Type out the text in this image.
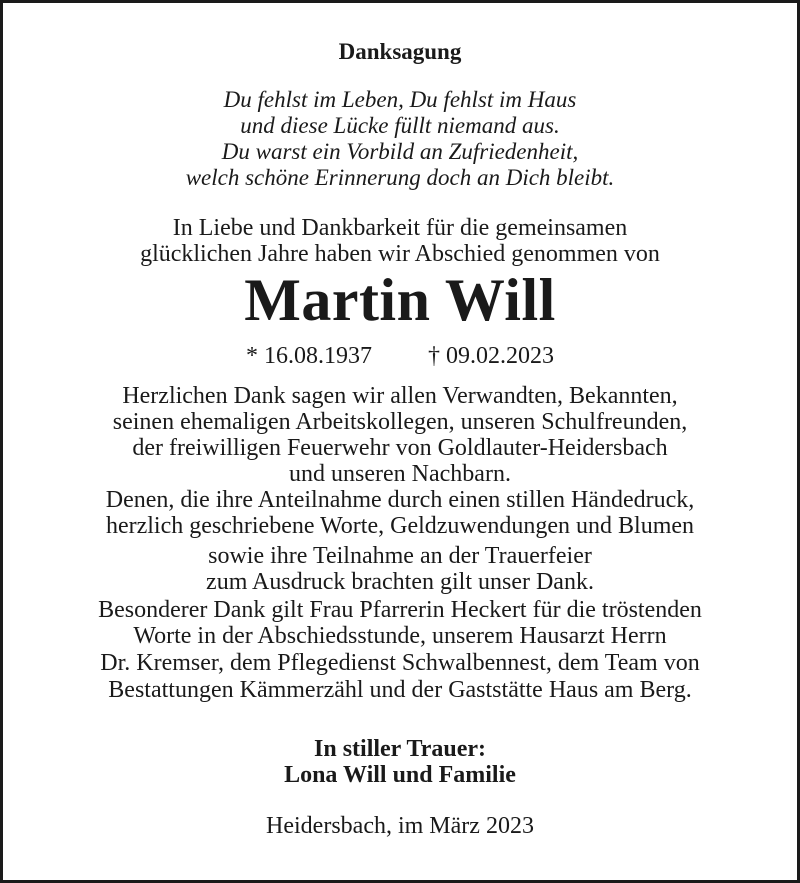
Danksagung
Du fehlst im Leben, Du fehlst im Haus
und diese Lücke füllt niemand aus.
Du warst ein Vorbild an Zufriedenheit,
welch schöne Erinnerung doch an Dich bleibt.
In Liebe und Dankbarkeit für die gemeinsamen
glücklichen Jahre haben wir Abschied genommen von
Martin Will
* 16.08.1937 † 09.02.2023
Herzlichen Dank sagen wir allen Verwandten, Bekannten,
seinen ehemaligen Arbeitskollegen, unseren Schulfreunden,
der freiwilligen Feuerwehr von Goldlauter-Heidersbach
und unseren Nachbarn.
Denen, die ihre Anteilnahme durch einen stillen Händedruck,
herzlich geschriebene Worte, Geldzuwendungen und Blumen
sowie ihre Teilnahme an der Trauerfeier
zum Ausdruck brachten gilt unser Dank.
Besonderer Dank gilt Frau Pfarrerin Heckert für die tröstenden
Worte in der Abschiedsstunde, unserem Hausarzt Herrn
Dr. Kremser, dem Pflegedienst Schwalbennest, dem Team von
Bestattungen Kämmerzähl und der Gaststätte Haus am Berg.
In stiller Trauer:
Lona Will und Familie
Heidersbach, im März 2023
